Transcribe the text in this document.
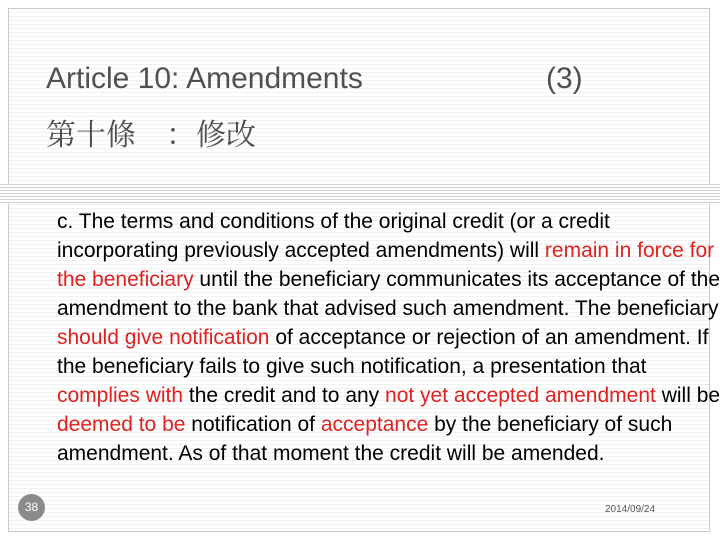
Article 10: Amendments	(3)
第十條　：修改
c. The terms and conditions of the original credit (or a credit incorporating previously accepted amendments) will remain in force for the beneficiary until the beneficiary communicates its acceptance of the amendment to the bank that advised such amendment. The beneficiary should give notification of acceptance or rejection of an amendment. If the beneficiary fails to give such notification, a presentation that complies with the credit and to any not yet accepted amendment will be deemed to be notification of acceptance by the beneficiary of such amendment. As of that moment the credit will be amended.
38	2014/09/24
